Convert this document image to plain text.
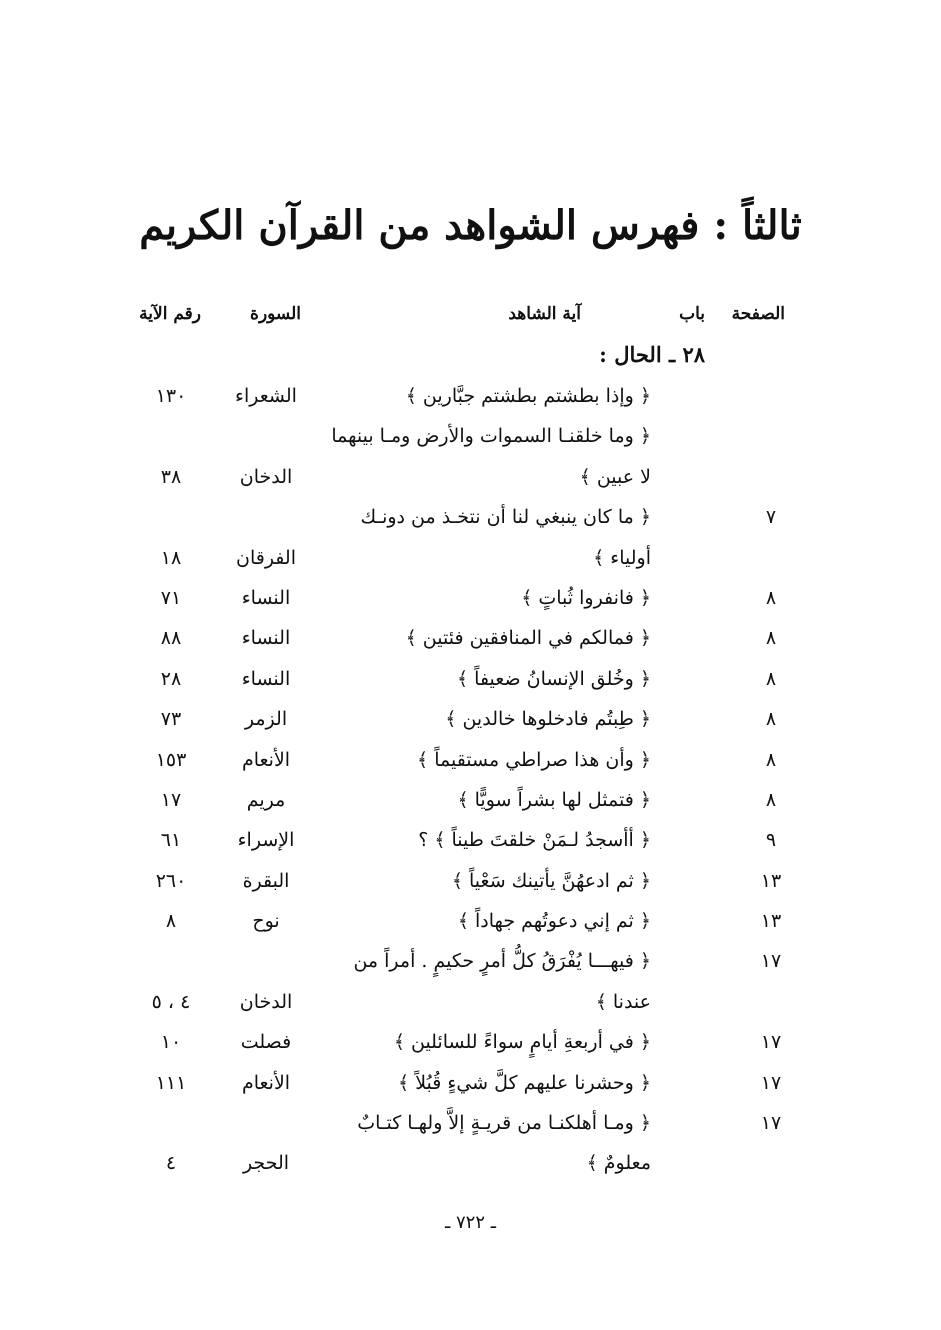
ثالثاً : فهرس الشواهد من القرآن الكريم
الصفحة
باب
آية الشاهد
السورة
رقم الآية
٢٨ ـ الحال :
﴿ وإذا بطشتم بطشتم جبَّارين ﴾
الشعراء
١٣٠
﴿ وما خلقنـا السموات والأرض ومـا بينهما
لا عبين ﴾
الدخان
٣٨
٧
﴿ ما كان ينبغي لنا أن نتخـذ من دونـك
أولياء ﴾
الفرقان
١٨
٨
﴿ فانفروا ثُباتٍ ﴾
النساء
٧١
٨
﴿ فمالكم في المنافقين فئتين ﴾
النساء
٨٨
٨
﴿ وخُلق الإنسانُ ضعيفاً ﴾
النساء
٢٨
٨
﴿ طِبتُم فادخلوها خالدين ﴾
الزمر
٧٣
٨
﴿ وأن هذا صراطي مستقيماً ﴾
الأنعام
١٥٣
٨
﴿ فتمثل لها بشراً سويًّا ﴾
مريم
١٧
٩
﴿ أأسجدُ لـمَنْ خلقتَ طيناً ﴾ ؟
الإسراء
٦١
١٣
﴿ ثم ادعهُنَّ يأتينك سَعْياً ﴾
البقرة
٢٦٠
١٣
﴿ ثم إني دعوتُهم جهاداً ﴾
نوح
٨
١٧
﴿ فيهـــا يُفْرَقُ كلُّ أمرٍ حكيمٍ . أمراً من
عندنا ﴾
الدخان
٤ ، ٥
١٧
﴿ في أربعةِ أيامٍ سواءً للسائلين ﴾
فصلت
١٠
١٧
﴿ وحشرنا عليهم كلَّ شيءٍ قُبُلاً ﴾
الأنعام
١١١
١٧
﴿ ومـا أهلكنـا من قريـةٍ إلاَّ ولهـا كتـابٌ
معلومٌ ﴾
الحجر
٤
ـ ٧٢٢ ـ
